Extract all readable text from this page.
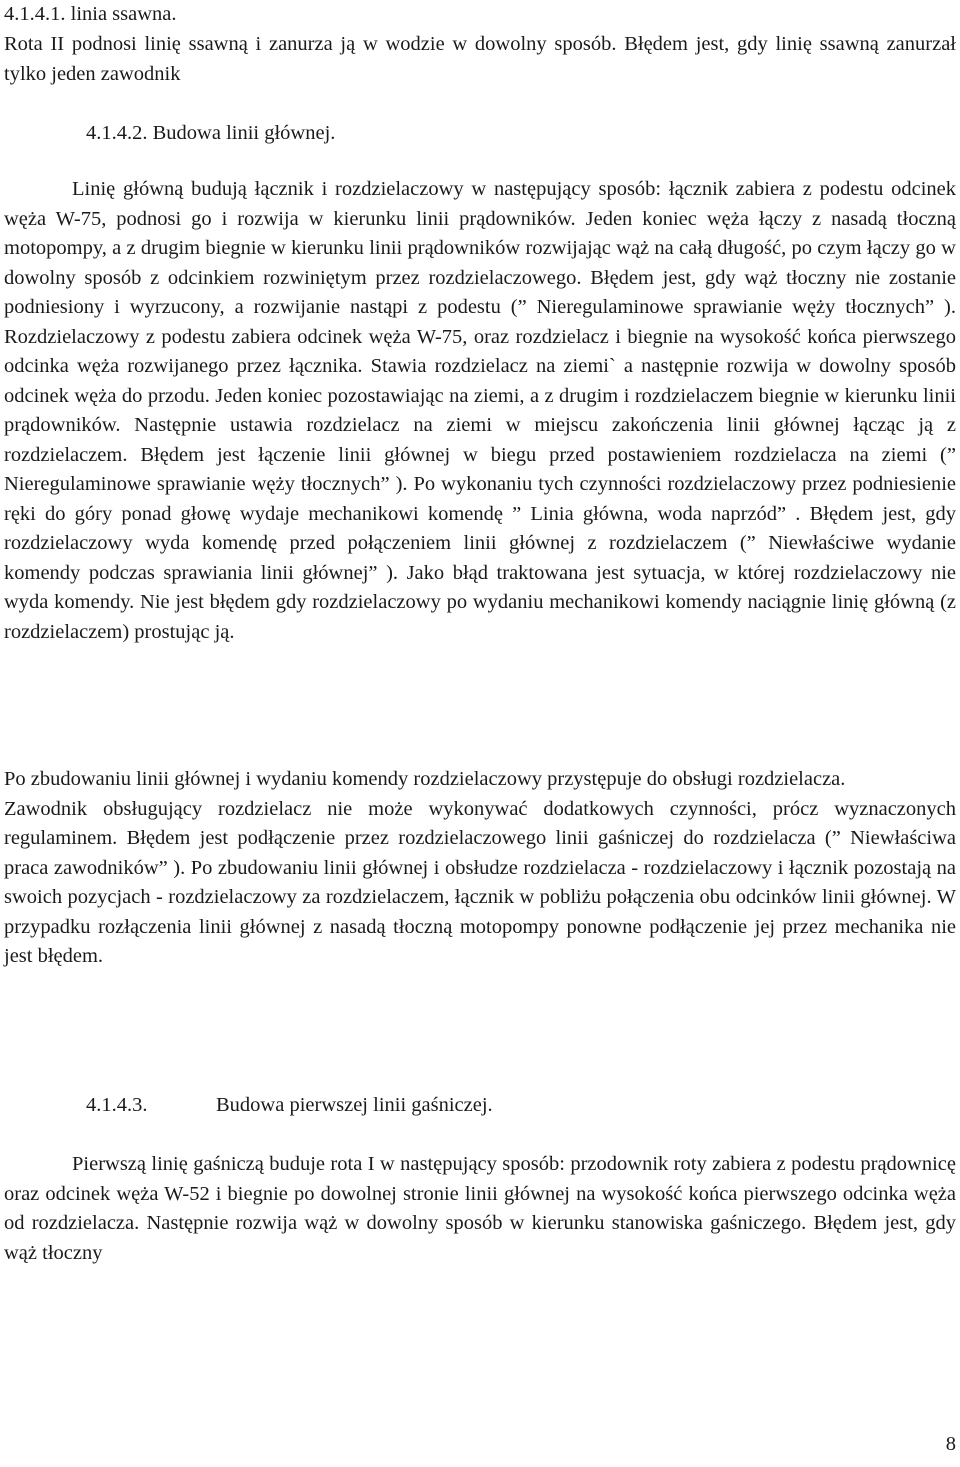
4.1.4.1. linia ssawna.

Rota II podnosi linię ssawną i zanurza ją w wodzie w dowolny sposób. Błędem jest, gdy linię ssawną zanurzał tylko jeden zawodnik

4.1.4.2. Budowa linii głównej.

Linię główną budują łącznik i rozdzielaczowy w następujący sposób: łącznik zabiera z podestu odcinek węża W-75, podnosi go i rozwija w kierunku linii prądowników. Jeden koniec węża łączy z nasadą tłoczną motopompy, a z drugim biegnie w kierunku linii prądowników rozwijając wąż na całą długość, po czym łączy go w dowolny sposób z odcinkiem rozwiniętym przez rozdzielaczowego. Błędem jest, gdy wąż tłoczny nie zostanie podniesiony i wyrzucony, a rozwijanie nastąpi z podestu (” Nieregulaminowe sprawianie węży tłocznych” ). Rozdzielaczowy z podestu zabiera odcinek węża W-75, oraz rozdzielacz i biegnie na wysokość końca pierwszego odcinka węża rozwijanego przez łącznika. Stawia rozdzielacz na ziemi` a następnie rozwija w dowolny sposób odcinek węża do przodu. Jeden koniec pozostawiając na ziemi, a z drugim i rozdzielaczem biegnie w kierunku linii prądowników. Następnie ustawia rozdzielacz na ziemi w miejscu zakończenia linii głównej łącząc ją z rozdzielaczem. Błędem jest łączenie linii głównej w biegu przed postawieniem rozdzielacza na ziemi (” Nieregulaminowe sprawianie węży tłocznych” ). Po wykonaniu tych czynności rozdzielaczowy przez podniesienie ręki do góry ponad głowę wydaje mechanikowi komendę ” Linia główna, woda naprzód” . Błędem jest, gdy rozdzielaczowy wyda komendę przed połączeniem linii głównej z rozdzielaczem (” Niewłaściwe wydanie komendy podczas sprawiania linii głównej” ). Jako błąd traktowana jest sytuacja, w której rozdzielaczowy nie wyda komendy. Nie jest błędem gdy rozdzielaczowy po wydaniu mechanikowi komendy naciągnie linię główną (z rozdzielaczem) prostując ją.

Po zbudowaniu linii głównej i wydaniu komendy rozdzielaczowy przystępuje do obsługi rozdzielacza.

Zawodnik obsługujący rozdzielacz nie może wykonywać dodatkowych czynności, prócz wyznaczonych regulaminem. Błędem jest podłączenie przez rozdzielaczowego linii gaśniczej do rozdzielacza (” Niewłaściwa praca zawodników” ). Po zbudowaniu linii głównej i obsłudze rozdzielacza - rozdzielaczowy i łącznik pozostają na swoich pozycjach - rozdzielaczowy za rozdzielaczem, łącznik w pobliżu połączenia obu odcinków linii głównej. W przypadku rozłączenia linii głównej z nasadą tłoczną motopompy ponowne podłączenie jej przez mechanika nie jest błędem.

4.1.4.3.	Budowa pierwszej linii gaśniczej.

Pierwszą linię gaśniczą buduje rota I w następujący sposób: przodownik roty zabiera z podestu prądownicę oraz odcinek węża W-52 i biegnie po dowolnej stronie linii głównej na wysokość końca pierwszego odcinka węża od rozdzielacza. Następnie rozwija wąż w dowolny sposób w kierunku stanowiska gaśniczego. Błędem jest, gdy wąż tłoczny

8
